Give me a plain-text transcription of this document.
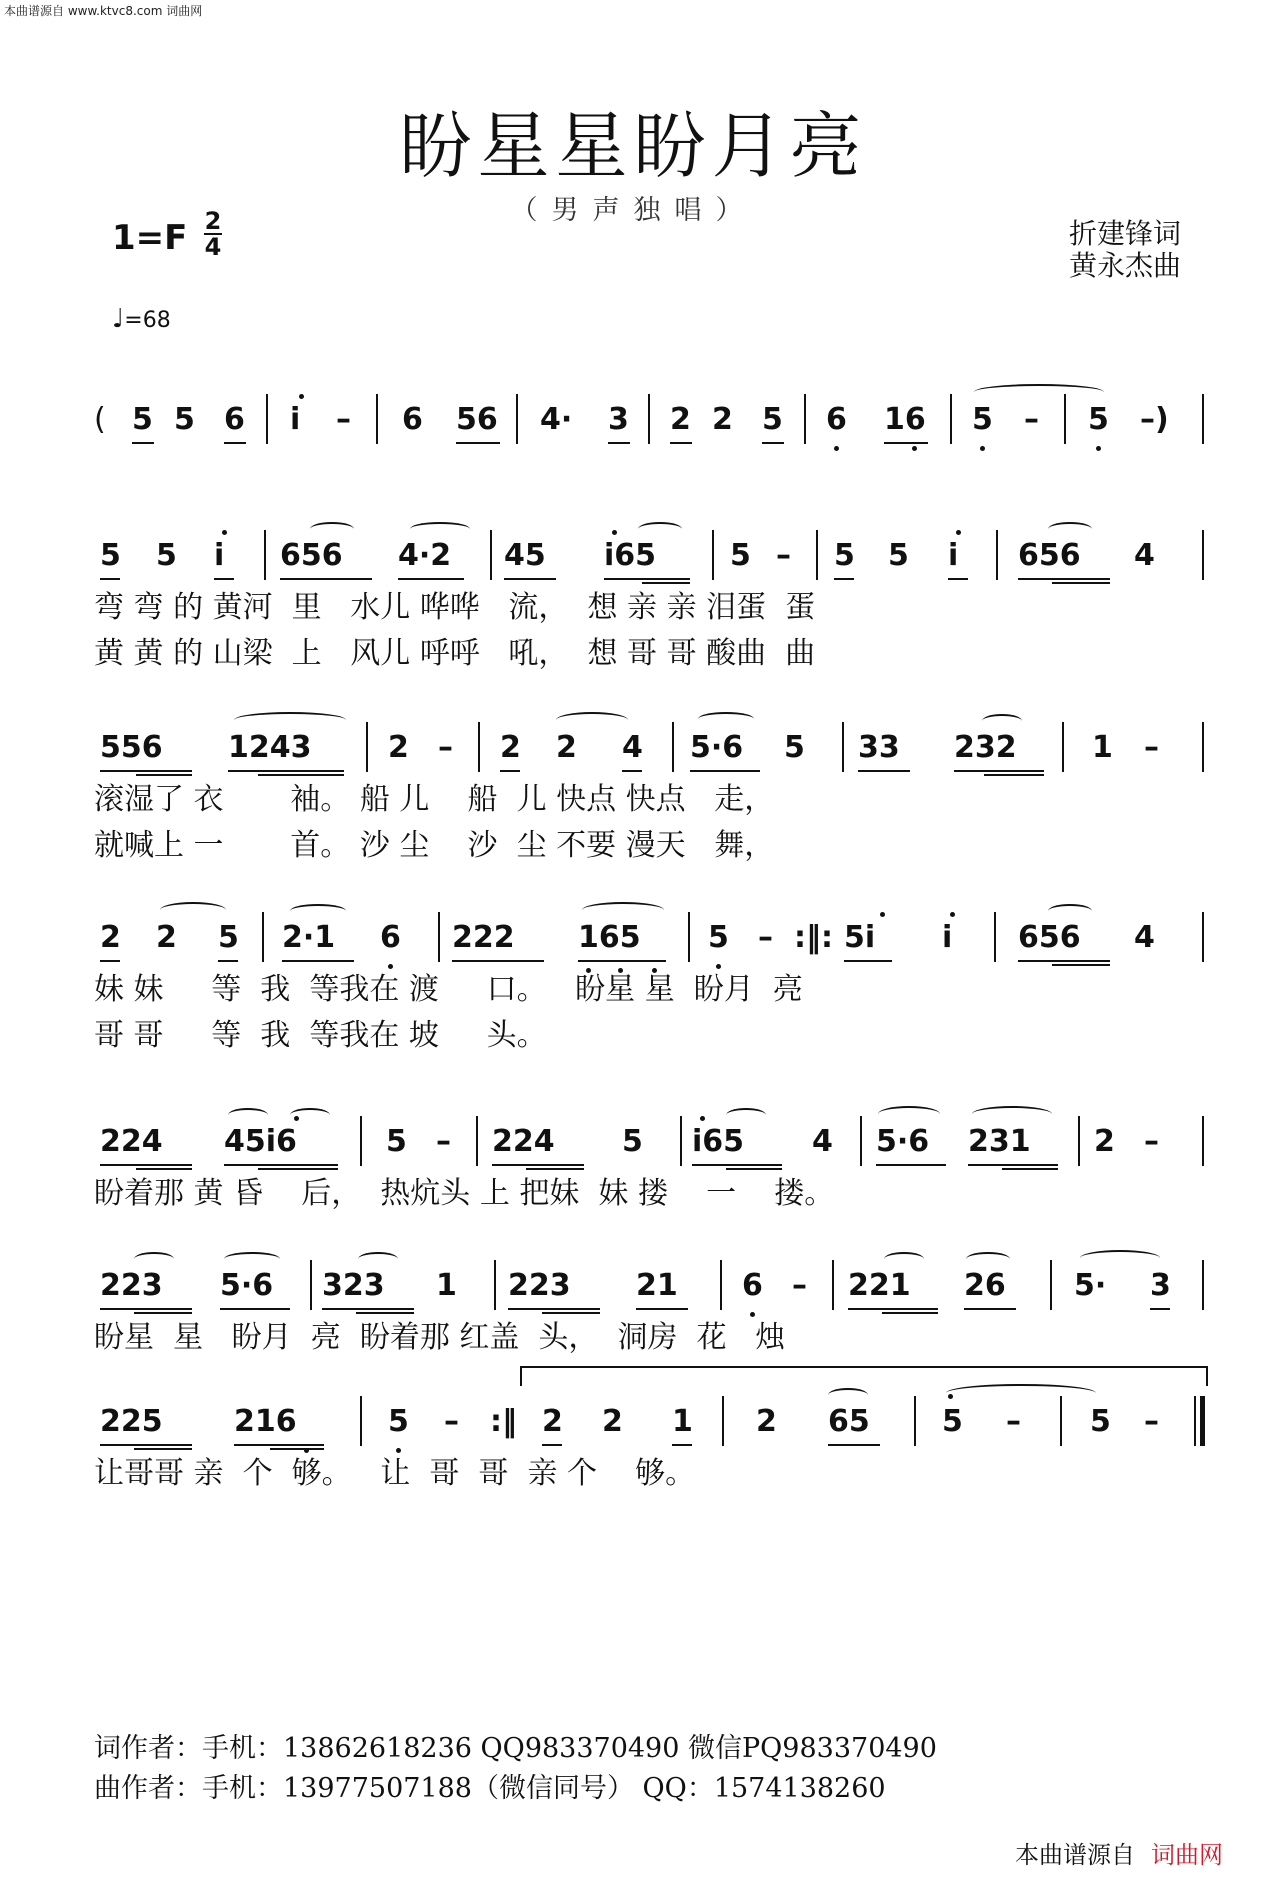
本曲谱源自 www.ktvc8.com 词曲网
盼星星盼月亮
（男声独唱）
1=F 2
4	折建锋词
黄永杰曲
♩=68
( 5 5 6 i – 6 56 4· 3 2 2 5 6 16 5 – 5 –)
5 5 i 656 4·2 45 i65 5 – 5 5 i 656 4
弯 弯 的 黄河  里   水儿 哗哗   流，  想 亲 亲 泪蛋  蛋
黄 黄 的 山梁  上   风儿 呼呼   吼，  想 哥 哥 酸曲  曲
556 1243	2 – 2 2 4 5·6 5 33 232	1 –
滚湿了 衣       袖。 船 儿    船  儿 快点 快点   走，
就喊上 一       首。 沙 尘    沙  尘 不要 漫天   舞，
2 2 5 2·1 6 222 165 5 – :‖: 5i i 656 4
妹 妹     等  我  等我在 渡     口。   盼星 星  盼月  亮
哥 哥     等  我  等我在 坡     头。
224 45i6	5 – 224 5 i65 4 5·6 231 2 –
盼着那 黄 昏    后，  热炕头 上 把妹  妹 搂    一    搂。
223 5·6 323 1 223 21 6 – 221 26 5· 3
盼星  星   盼月  亮  盼着那 红盖  头，  洞房  花   烛
225 216	5 – :‖ 2 2 1 2 65 5 – 5 –
让哥哥 亲  个  够。   让  哥  哥  亲 个    够。
词作者：手机：13862618236 QQ983370490 微信PQ983370490
曲作者：手机：13977507188（微信同号） QQ：1574138260
本曲谱源自 词曲网
